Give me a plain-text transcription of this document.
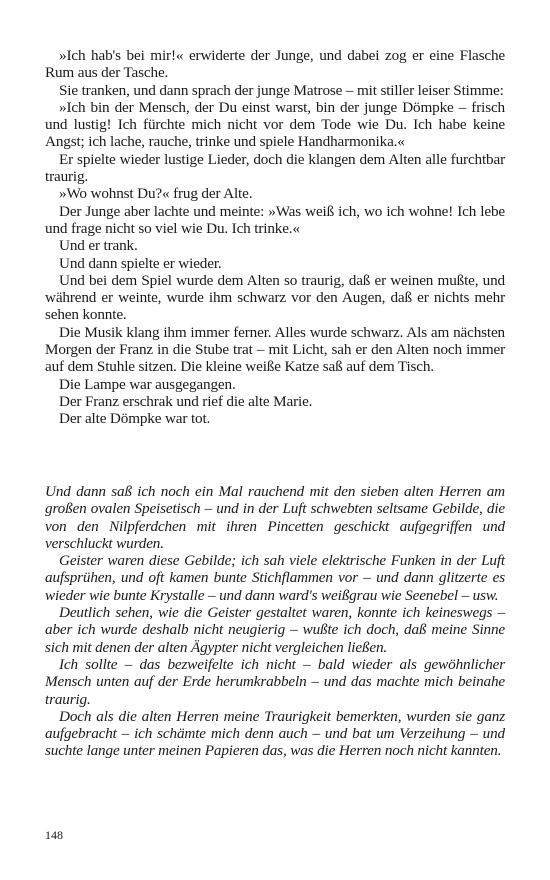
»Ich hab's bei mir!« erwiderte der Junge, und dabei zog er eine Flasche Rum aus der Tasche.

Sie tranken, und dann sprach der junge Matrose – mit stiller leiser Stimme:

»Ich bin der Mensch, der Du einst warst, bin der junge Dömpke – frisch und lustig! Ich fürchte mich nicht vor dem Tode wie Du. Ich habe keine Angst; ich lache, rauche, trinke und spiele Handharmonika.«

Er spielte wieder lustige Lieder, doch die klangen dem Alten alle furchtbar traurig.

»Wo wohnst Du?« frug der Alte.

Der Junge aber lachte und meinte: »Was weiß ich, wo ich wohne! Ich lebe und frage nicht so viel wie Du. Ich trinke.«

Und er trank.

Und dann spielte er wieder.

Und bei dem Spiel wurde dem Alten so traurig, daß er weinen mußte, und während er weinte, wurde ihm schwarz vor den Augen, daß er nichts mehr sehen konnte.

Die Musik klang ihm immer ferner. Alles wurde schwarz. Als am nächsten Morgen der Franz in die Stube trat – mit Licht, sah er den Alten noch immer auf dem Stuhle sitzen. Die kleine weiße Katze saß auf dem Tisch.

Die Lampe war ausgegangen.

Der Franz erschrak und rief die alte Marie.

Der alte Dömpke war tot.

Und dann saß ich noch ein Mal rauchend mit den sieben alten Herren am großen ovalen Speisetisch – und in der Luft schwebten seltsame Gebilde, die von den Nilpferdchen mit ihren Pincetten geschickt aufgegriffen und verschluckt wurden.

Geister waren diese Gebilde; ich sah viele elektrische Funken in der Luft aufsprühen, und oft kamen bunte Stichflammen vor – und dann glitzerte es wieder wie bunte Krystalle – und dann ward's weißgrau wie Seenebel – usw.

Deutlich sehen, wie die Geister gestaltet waren, konnte ich keineswegs – aber ich wurde deshalb nicht neugierig – wußte ich doch, daß meine Sinne sich mit denen der alten Ägypter nicht vergleichen ließen.

Ich sollte – das bezweifelte ich nicht – bald wieder als gewöhnlicher Mensch unten auf der Erde herumkrabbeln – und das machte mich beinahe traurig.

Doch als die alten Herren meine Traurigkeit bemerkten, wurden sie ganz aufgebracht – ich schämte mich denn auch – und bat um Verzeihung – und suchte lange unter meinen Papieren das, was die Herren noch nicht kannten.

148
